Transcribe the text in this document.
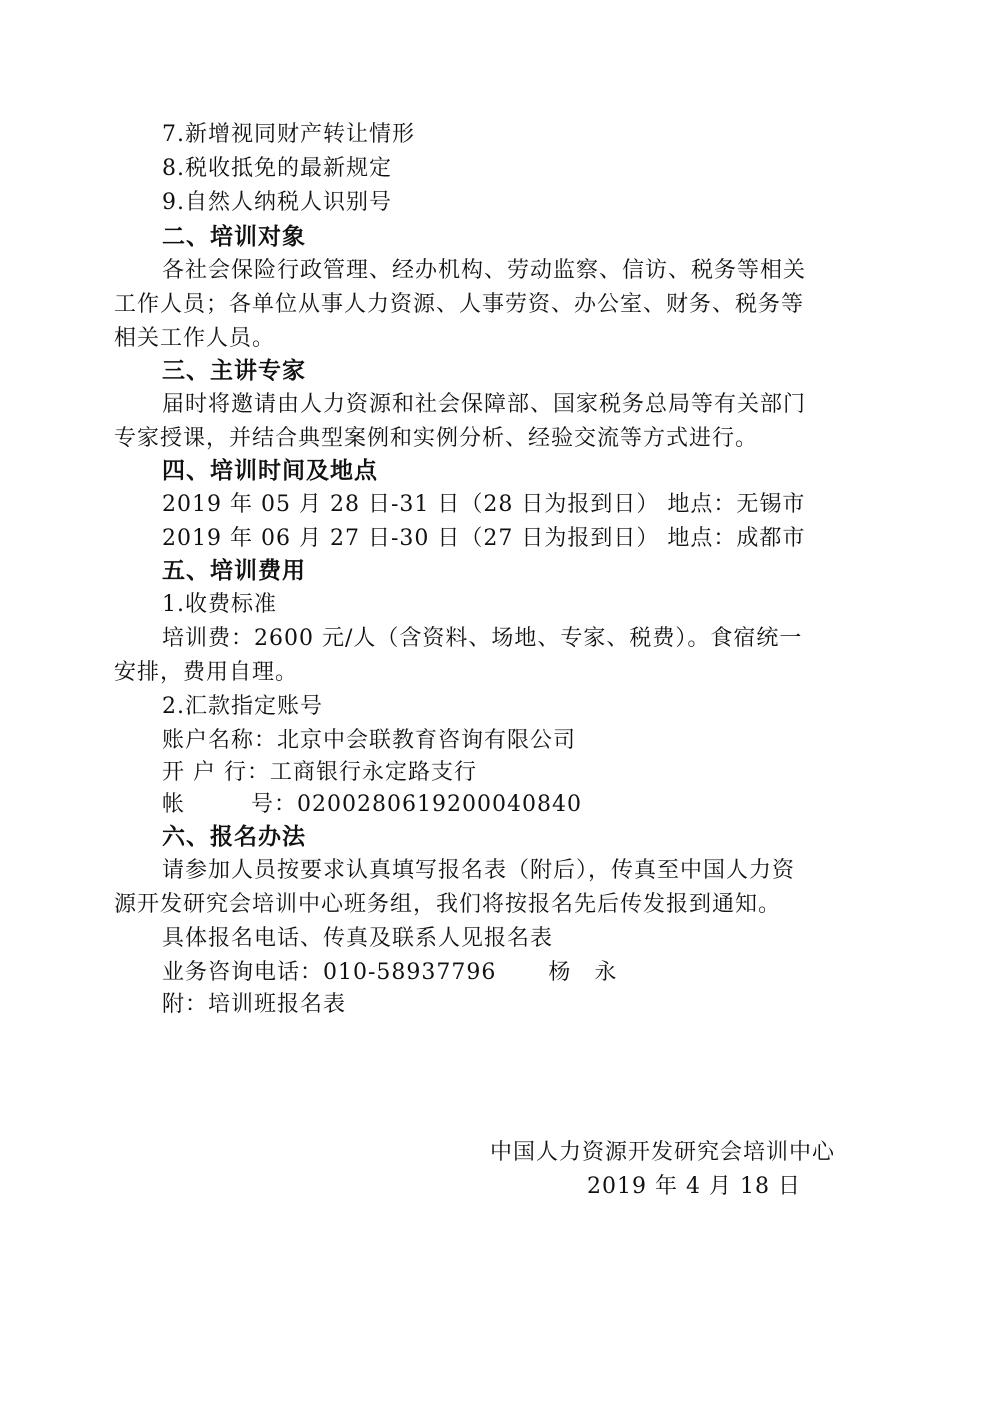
7.新增视同财产转让情形
8.税收抵免的最新规定
9.自然人纳税人识别号
二、培训对象
各社会保险行政管理、经办机构、劳动监察、信访、税务等相关
工作人员；各单位从事人力资源、人事劳资、办公室、财务、税务等
相关工作人员。
三、主讲专家
届时将邀请由人力资源和社会保障部、国家税务总局等有关部门
专家授课，并结合典型案例和实例分析、经验交流等方式进行。
四、培训时间及地点
2019 年 05 月 28 日-31 日（28 日为报到日） 地点：无锡市
2019 年 06 月 27 日-30 日（27 日为报到日） 地点：成都市
五、培训费用
1.收费标准
培训费：2600 元/人（含资料、场地、专家、税费）。食宿统一
安排，费用自理。
2.汇款指定账号
账户名称：北京中会联教育咨询有限公司
开 户 行：工商银行永定路支行
帐	号：0200280619200040840
六、报名办法
请参加人员按要求认真填写报名表（附后），传真至中国人力资
源开发研究会培训中心班务组，我们将按报名先后传发报到通知。
具体报名电话、传真及联系人见报名表
业务咨询电话：010-58937796 杨　永
附：培训班报名表
中国人力资源开发研究会培训中心
2019 年 4 月 18 日
